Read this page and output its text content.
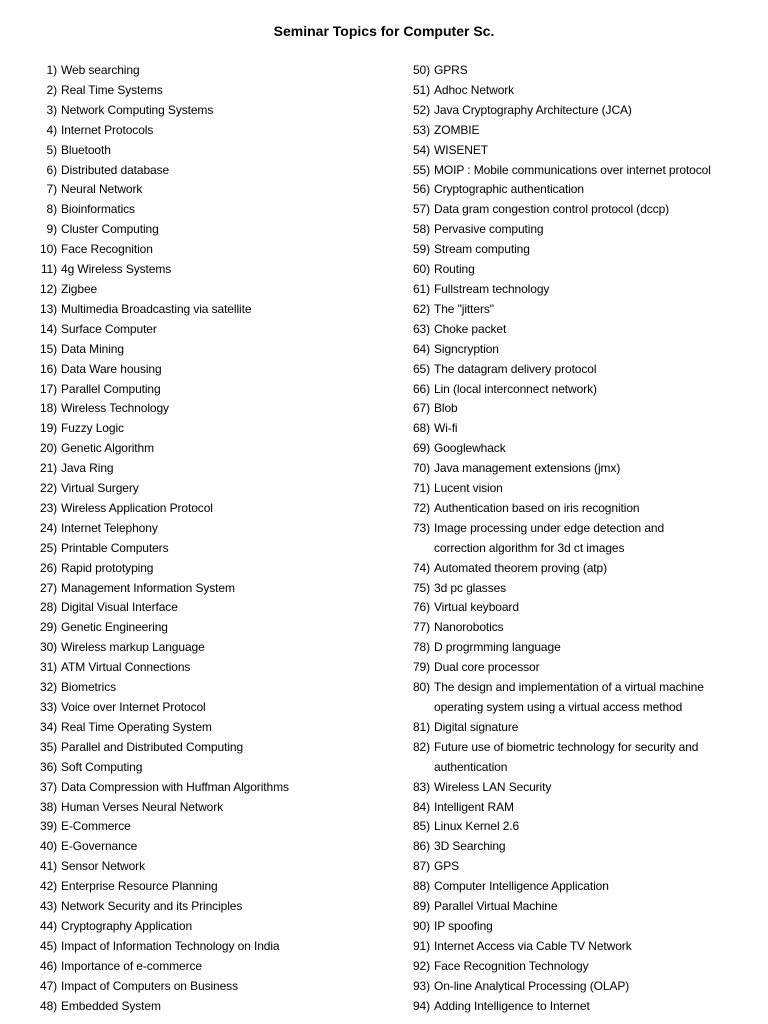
Seminar Topics for Computer Sc.
1) Web searching
2) Real Time Systems
3) Network Computing Systems
4) Internet Protocols
5) Bluetooth
6) Distributed database
7) Neural Network
8) Bioinformatics
9) Cluster Computing
10) Face Recognition
11) 4g Wireless Systems
12) Zigbee
13) Multimedia Broadcasting via satellite
14) Surface Computer
15) Data Mining
16) Data Ware housing
17) Parallel Computing
18) Wireless Technology
19) Fuzzy Logic
20) Genetic Algorithm
21) Java Ring
22) Virtual Surgery
23) Wireless Application Protocol
24) Internet Telephony
25) Printable Computers
26) Rapid prototyping
27) Management Information System
28) Digital Visual Interface
29) Genetic Engineering
30) Wireless markup Language
31) ATM Virtual Connections
32) Biometrics
33) Voice over Internet Protocol
34) Real Time Operating System
35) Parallel and Distributed Computing
36) Soft Computing
37) Data Compression with Huffman Algorithms
38) Human Verses Neural Network
39) E-Commerce
40) E-Governance
41) Sensor Network
42) Enterprise Resource Planning
43) Network Security and its Principles
44) Cryptography Application
45) Impact of Information Technology on India
46) Importance of e-commerce
47) Impact of Computers on Business
48) Embedded System
50) GPRS
51) Adhoc Network
52) Java Cryptography Architecture (JCA)
53) ZOMBIE
54) WISENET
55) MOIP : Mobile communications over internet protocol
56) Cryptographic authentication
57) Data gram congestion control protocol (dccp)
58) Pervasive computing
59) Stream computing
60) Routing
61) Fullstream technology
62) The "jitters"
63) Choke packet
64) Signcryption
65) The datagram delivery protocol
66) Lin (local interconnect network)
67) Blob
68) Wi-fi
69) Googlewhack
70) Java management extensions (jmx)
71) Lucent vision
72) Authentication based on iris recognition
73) Image processing under edge detection and
correction algorithm for 3d ct images
74) Automated theorem proving (atp)
75) 3d pc glasses
76) Virtual keyboard
77) Nanorobotics
78) D progrmming language
79) Dual core processor
80) The design and implementation of a virtual machine
operating system using a virtual access method
81) Digital signature
82) Future use of biometric technology for security and
authentication
83) Wireless LAN Security
84) Intelligent RAM
85) Linux Kernel 2.6
86) 3D Searching
87) GPS
88) Computer Intelligence Application
89) Parallel Virtual Machine
90) IP spoofing
91) Internet Access via Cable TV Network
92) Face Recognition Technology
93) On-line Analytical Processing (OLAP)
94) Adding Intelligence to Internet
